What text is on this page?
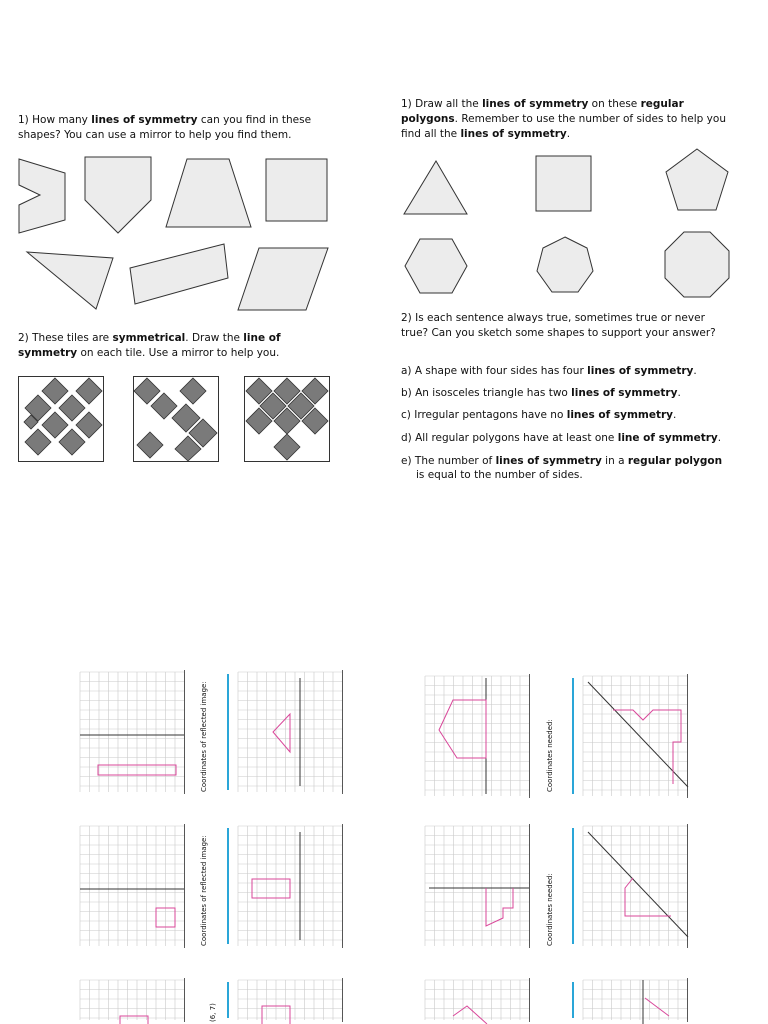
1) How many lines of symmetry can you find in these shapes? You can use a mirror to help you find them.
2) These tiles are symmetrical. Draw the line of symmetry on each tile. Use a mirror to help you.
1) Draw all the lines of symmetry on these regular polygons. Remember to use the number of sides to help you find all the lines of symmetry.
2) Is each sentence always true, sometimes true or never true? Can you sketch some shapes to support your answer?
a) A shape with four sides has four lines of symmetry.
b) An isosceles triangle has two lines of symmetry.
c) Irregular pentagons have no lines of symmetry.
d) All regular polygons have at least one line of symmetry.
e) The number of lines of symmetry in a regular polygon
is equal to the number of sides.
Coordinates of reflected image:
Coordinates of reflected image:
Coordinates needed:
Coordinates needed:
(6, 7)
